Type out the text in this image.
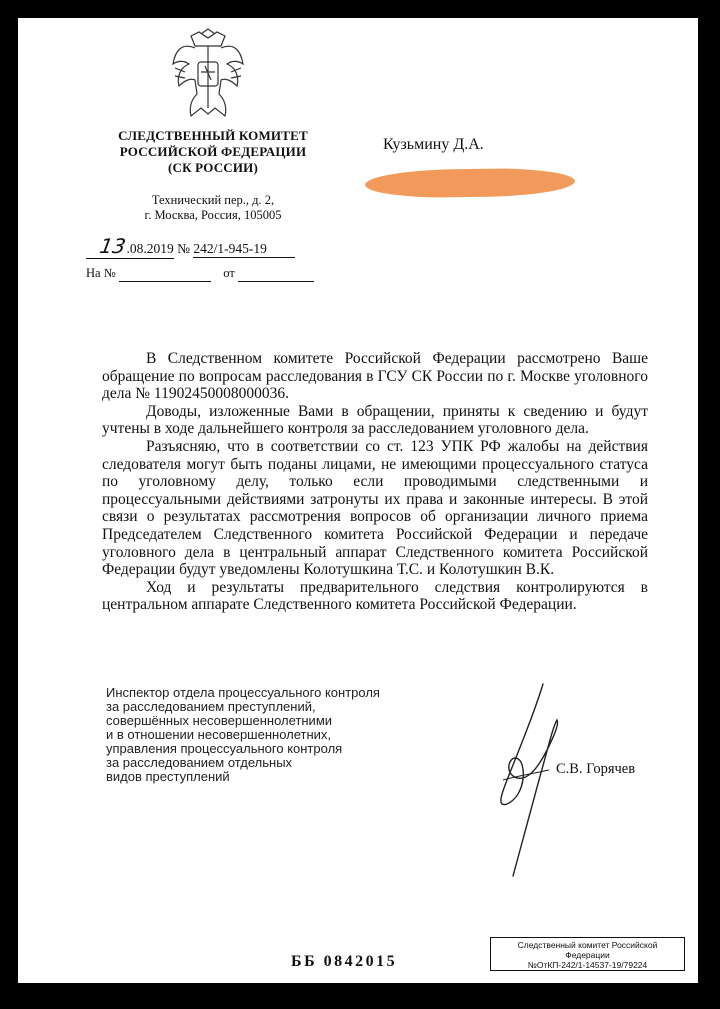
СЛЕДСТВЕННЫЙ КОМИТЕТ
РОССИЙСКОЙ ФЕДЕРАЦИИ
(СК РОССИИ)
Технический пер., д. 2,
г. Москва, Россия, 105005
13.08.2019 № 242/1-945-19
На №	от
Кузьмину Д.А.

В Следственном комитете Российской Федерации рассмотрено Ваше обращение по вопросам расследования в ГСУ СК России по г. Москве уголовного дела № 11902450008000036.

Доводы, изложенные Вами в обращении, приняты к сведению и будут учтены в ходе дальнейшего контроля за расследованием уголовного дела.

Разъясняю, что в соответствии со ст. 123 УПК РФ жалобы на действия следователя могут быть поданы лицами, не имеющими процессуального статуса по уголовному делу, только если проводимыми следственными и процессуальными действиями затронуты их права и законные интересы. В этой связи о результатах рассмотрения вопросов об организации личного приема Председателем Следственного комитета Российской Федерации и передаче уголовного дела в центральный аппарат Следственного комитета Российской Федерации будут уведомлены Колотушкина Т.С. и Колотушкин В.К.

Ход и результаты предварительного следствия контролируются в центральном аппарате Следственного комитета Российской Федерации.

Инспектор отдела процессуального контроля
за расследованием преступлений,
совершённых несовершеннолетними
и в отношении несовершеннолетних,
управления процессуального контроля
за расследованием отдельных
видов преступлений	С.В. Горячев
ББ 0842015
Следственный комитет Российской
Федерации
№ОтКП-242/1-14537-19/79224
